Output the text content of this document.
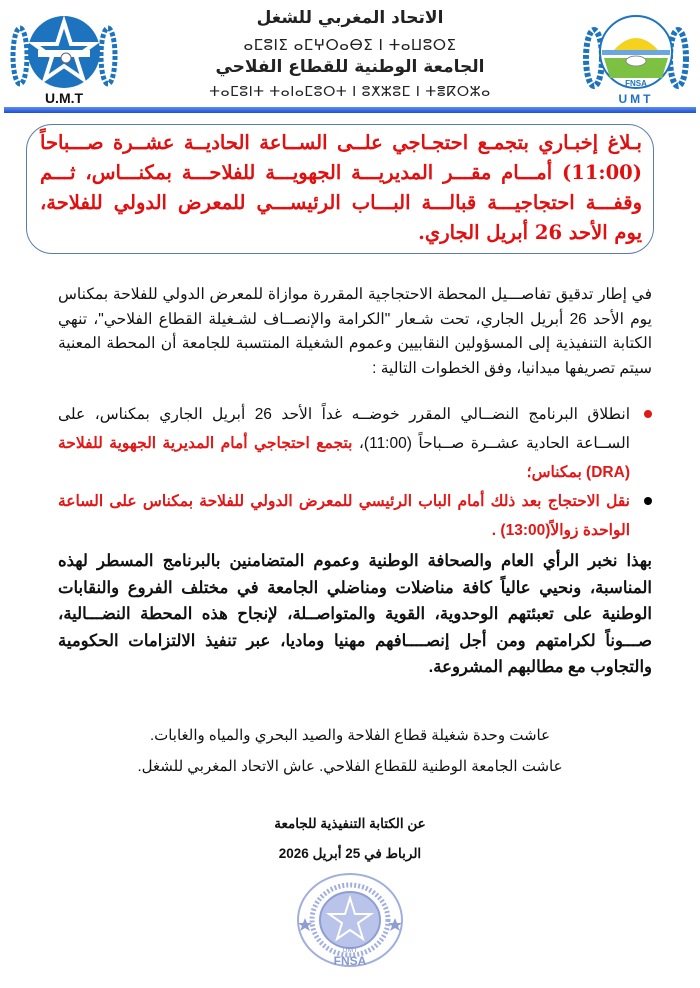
U.M.T
FNSA
UMT
الاتحاد المغربي للشغل
ⴰⵎⵓⵏⵉ ⴰⵎⵖⵔⴰⴱⵉ ⵏ ⵜⴰⵡⵓⵔⵉ
الجامعة الوطنية للقطاع الفلاحي
ⵜⴰⵎⵓⵏⵜ ⵜⴰⵏⴰⵎⵓⵔⵜ ⵏ ⵓⵅⵣⵓⵎ ⵏ ⵜⴻⴽⵔⵣⴰ
بـلاغ إخبـاري بتجمـع احتجـاجي علــى الســاعة الحاديــة عشــرة صـــباحاً (11:00) أمـــام مقـــر المديريـــة الجهويـــة للفلاحـــة بمكنـــاس، ثـــم وقفـــة احتجاجيـــة قبالـــة البـــاب الرئيســـي للمعرض الدولي للفلاحة، يوم الأحد 26 أبريل الجاري.
في إطار تدقيق تفاصـــيل المحطة الاحتجاجية المقررة موازاة للمعرض الدولي للفلاحة بمكناس يوم الأحد 26 أبريل الجاري، تحت شـعار "الكرامة والإنصــاف لشـغيلة القطاع الفلاحي"، تنهي الكتابة التنفيذية إلى المسؤولين النقابيين وعموم الشغيلة المنتسبة للجامعة أن المحطة المعنية سيتم تصريفها ميدانيا، وفق الخطوات التالية :
انطلاق البرنامج النضــالي المقرر خوضــه غداً الأحد 26 أبريل الجاري بمكناس، على الســاعة الحادية عشــرة صــباحاً (11:00)، بتجمع احتجاجي أمام المديرية الجهوية للفلاحة (DRA) بمكناس؛
نقل الاحتجاج بعد ذلك أمام الباب الرئيسي للمعرض الدولي للفلاحة بمكناس على الساعة الواحدة زوالاً(13:00) .
بهذا نخبر الرأي العام والصحافة الوطنية وعموم المتضامنين بالبرنامج المسطر لهذه المناسبة، ونحيي عالياً كافة مناضلات ومناضلي الجامعة في مختلف الفروع والنقابات الوطنية على تعبئتهم الوحدوية، القوية والمتواصــلة، لإنجاح هذه المحطة النضـــالية، صـــوناً لكرامتهم ومن أجل إنصــــافهم مهنيا وماديا، عبر تنفيذ الالتزامات الحكومية والتجاوب مع مطالبهم المشروعة.
عاشت وحدة شغيلة قطاع الفلاحة والصيد البحري والمياه والغابات.
عاشت الجامعة الوطنية للقطاع الفلاحي. عاش الاتحاد المغربي للشغل.
عن الكتابة التنفيذية للجامعة
الرباط في 25 أبريل 2026
UMT
FNSA
